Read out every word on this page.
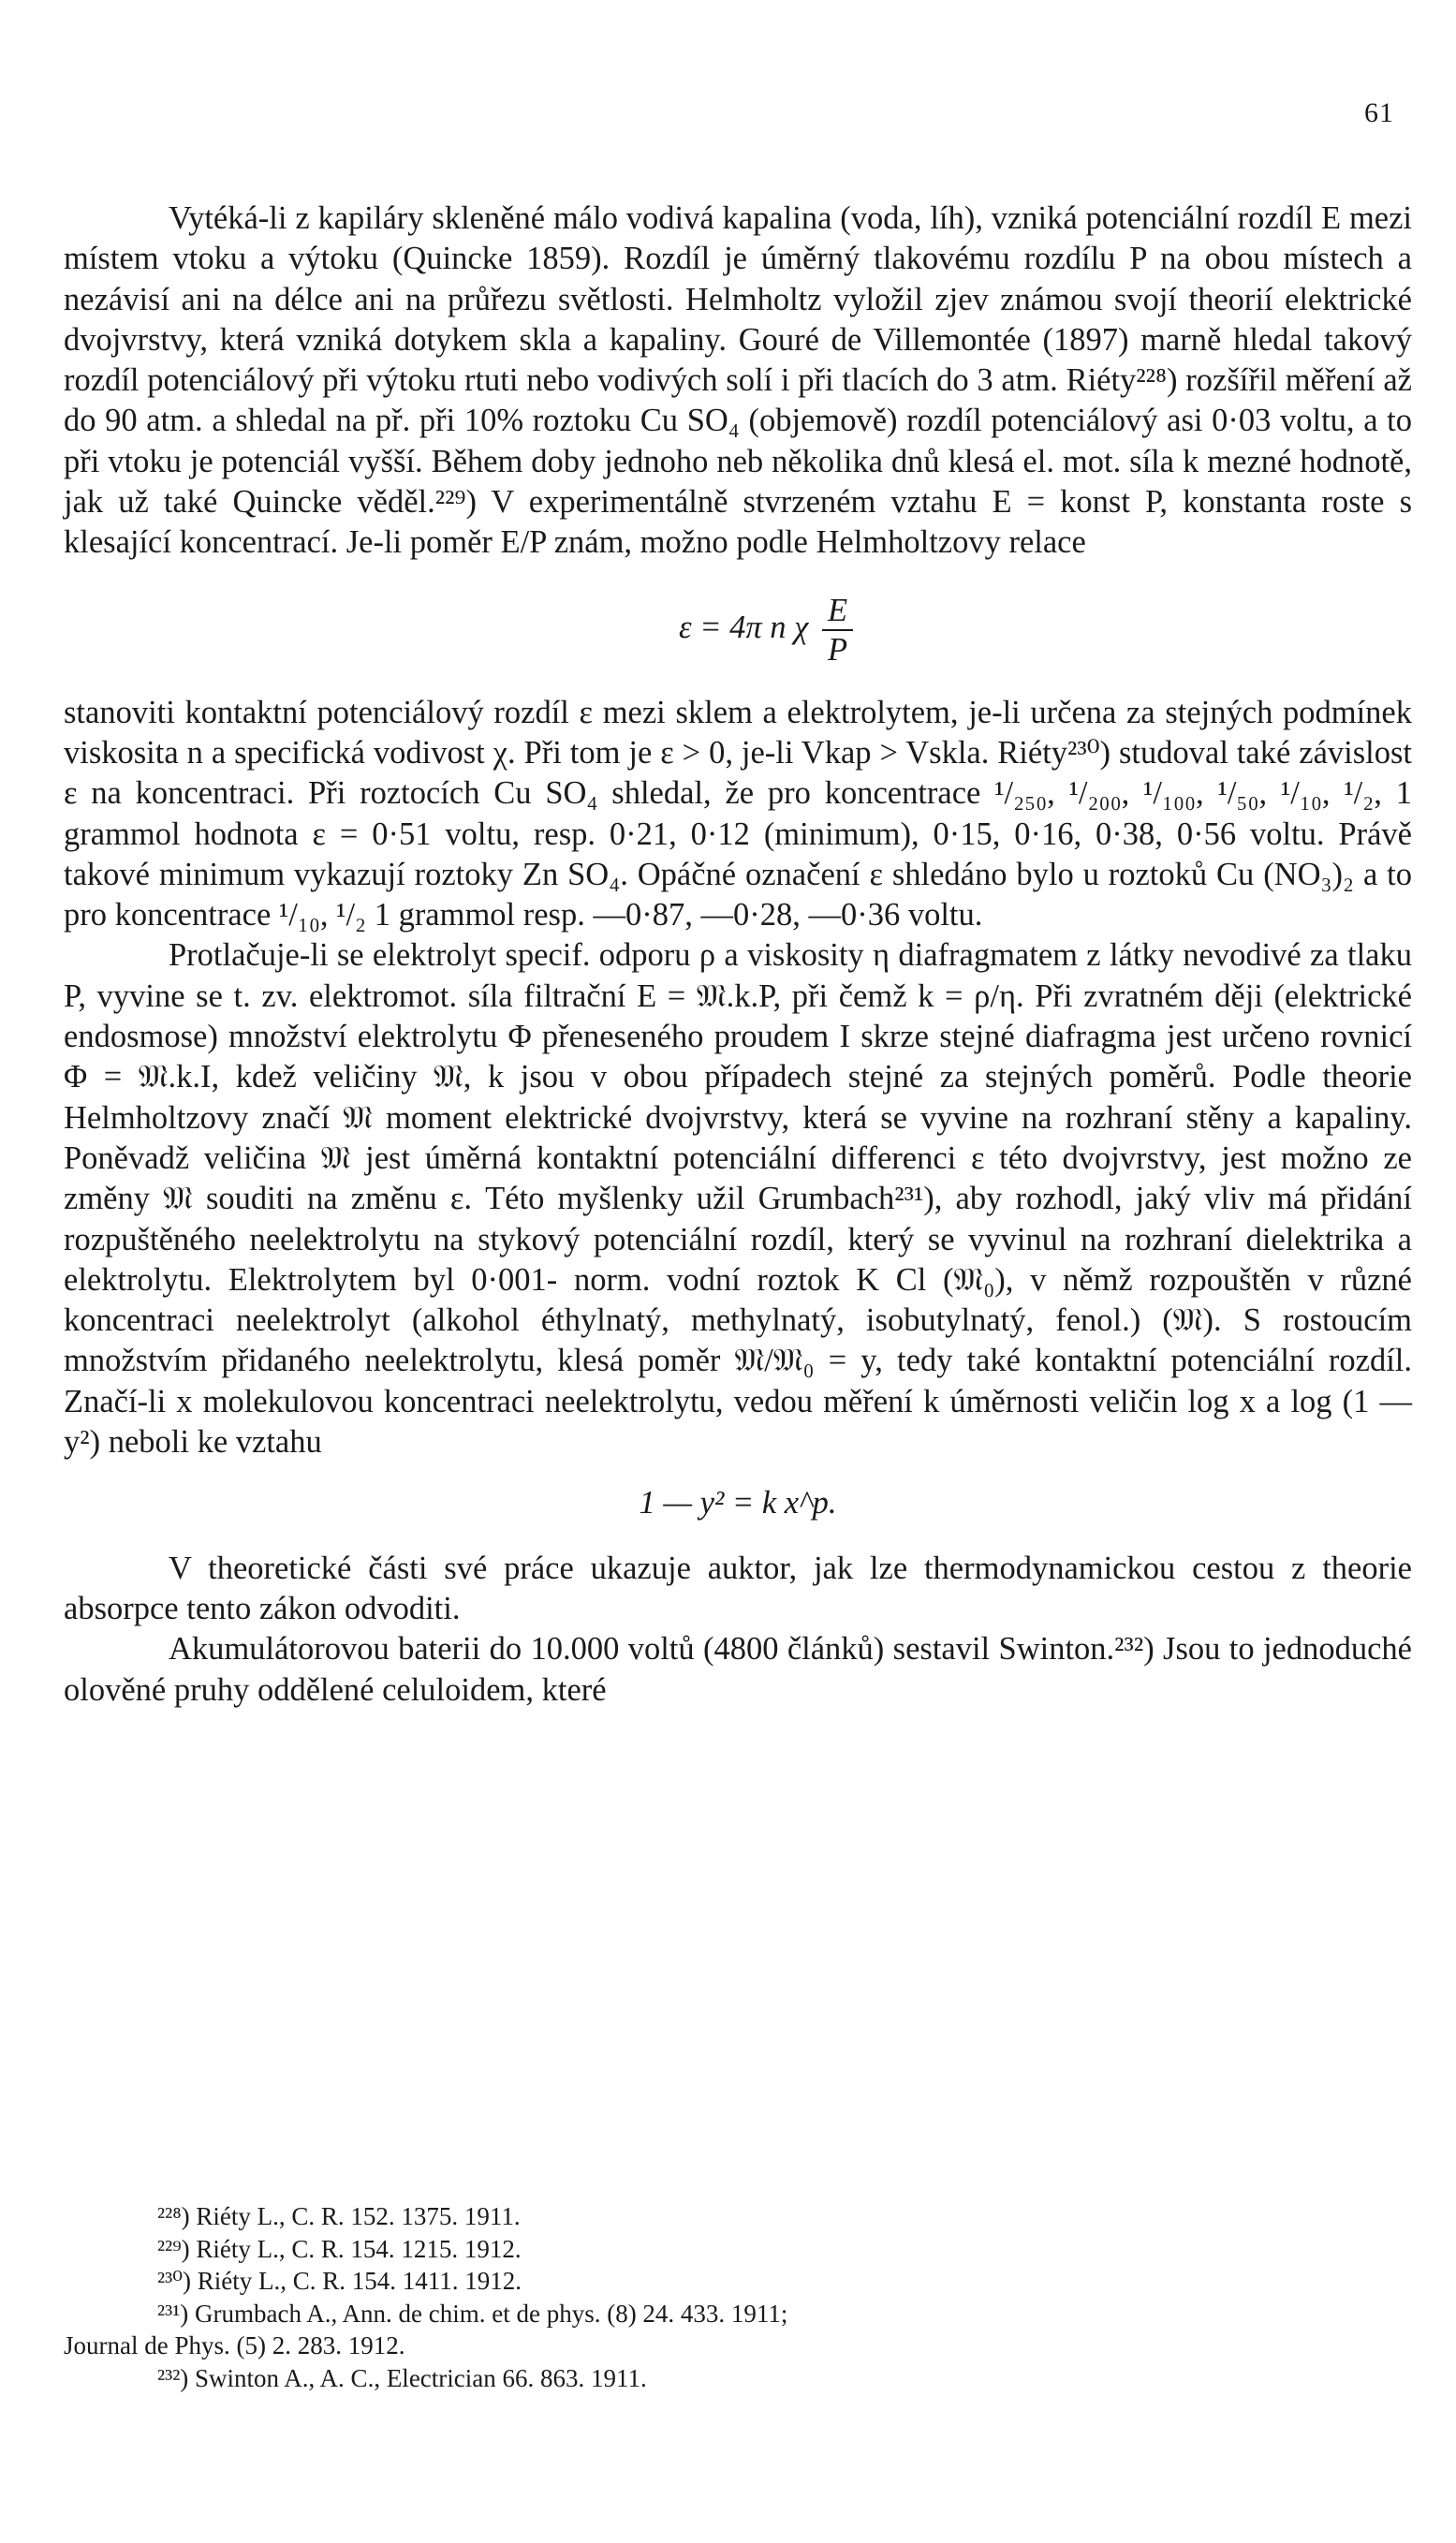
61

Vytéká-li z kapiláry skleněné málo vodivá kapalina (voda, líh), vzniká potenciální rozdíl E mezi místem vtoku a výtoku (Quincke 1859). Rozdíl je úměrný tlakovému rozdílu P na obou místech a nezávisí ani na délce ani na průřezu světlosti. Helmholtz vyložil zjev známou svojí theorií elektrické dvojvrstvy, která vzniká dotykem skla a kapaliny. Gouré de Villemontée (1897) marně hledal takový rozdíl potenciálový při výtoku rtuti nebo vodivých solí i při tlacích do 3 atm. Riéty²²⁸) rozšířil měření až do 90 atm. a shledal na př. při 10% roztoku Cu SO₄ (objemově) rozdíl potenciálový asi 0·03 voltu, a to při vtoku je potenciál vyšší. Během doby jednoho neb několika dnů klesá el. mot. síla k mezné hodnotě, jak už také Quincke věděl.²²⁹) V experimentálně stvrzeném vztahu E = konst P, konstanta roste s klesající koncentrací. Je-li poměr E/P znám, možno podle Helmholtzovy relace

ε = 4π n χ $\frac{E}{P}$

stanoviti kontaktní potenciálový rozdíl ε mezi sklem a elektrolytem, je-li určena za stejných podmínek viskosita n a specifická vodivost χ. Při tom je ε > 0, je-li Vkap > Vskla. Riéty²³⁰) studoval také závislost ε na koncentraci. Při roztocích Cu SO₄ shledal, že pro koncentrace ¹/₂₅₀, ¹/₂₀₀, ¹/₁₀₀, ¹/₅₀, ¹/₁₀, ¹/₂, 1 grammol hodnota ε = 0·51 voltu, resp. 0·21, 0·12 (minimum), 0·15, 0·16, 0·38, 0·56 voltu. Právě takové minimum vykazují roztoky Zn SO₄. Opáčné označení ε shledáno bylo u roztoků Cu (NO₃)₂ a to pro koncentrace ¹/₁₀, ¹/₂ 1 grammol resp. —0·87, —0·28, —0·36 voltu.

Protlačuje-li se elektrolyt specif. odporu ρ a viskosity η diafragmatem z látky nevodivé za tlaku P, vyvine se t. zv. elektromot. síla filtrační E = 𝔐.k.P, při čemž k = ρ/η. Při zvratném ději (elektrické endosmose) množství elektrolytu Φ přeneseného proudem I skrze stejné diafragma jest určeno rovnicí Φ = 𝔐.k.I, kdež veličiny 𝔐, k jsou v obou případech stejné za stejných poměrů. Podle theorie Helmholtzovy značí 𝔐 moment elektrické dvojvrstvy, která se vyvine na rozhraní stěny a kapaliny. Poněvadž veličina 𝔐 jest úměrná kontaktní potenciální differenci ε této dvojvrstvy, jest možno ze změny 𝔐 souditi na změnu ε. Této myšlenky užil Grumbach²³¹), aby rozhodl, jaký vliv má přidání rozpuštěného neelektrolytu na stykový potenciální rozdíl, který se vyvinul na rozhraní dielektrika a elektrolytu. Elektrolytem byl 0·001- norm. vodní roztok K Cl (𝔐₀), v němž rozpouštěn v různé koncentraci neelektrolyt (alkohol éthylnatý, methylnatý, isobutylnatý, fenol.) (𝔐). S rostoucím množstvím přidaného neelektrolytu, klesá poměr 𝔐/𝔐₀ = y, tedy také kontaktní potenciální rozdíl. Značí-li x molekulovou koncentraci neelektrolytu, vedou měření k úměrnosti veličin log x a log (1 — y²) neboli ke vztahu

1 — y² = k x^p.

V theoretické části své práce ukazuje auktor, jak lze thermodynamickou cestou z theorie absorpce tento zákon odvoditi.

Akumulátorovou baterii do 10.000 voltů (4800 článků) sestavil Swinton.²³²) Jsou to jednoduché olověné pruhy oddělené celuloidem, které

²²⁸) Riéty L., C. R. 152. 1375. 1911.

²²⁹) Riéty L., C. R. 154. 1215. 1912.

²³⁰) Riéty L., C. R. 154. 1411. 1912.

²³¹) Grumbach A., Ann. de chim. et de phys. (8) 24. 433. 1911;

Journal de Phys. (5) 2. 283. 1912.

²³²) Swinton A., A. C., Electrician 66. 863. 1911.
